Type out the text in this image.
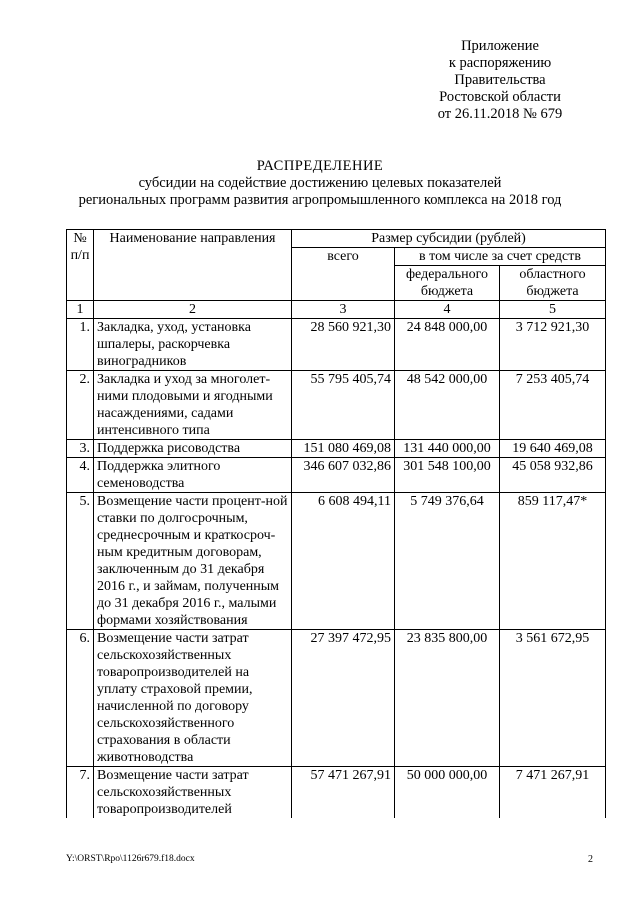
Приложение
к распоряжению
Правительства
Ростовской области
от 26.11.2018 № 679
РАСПРЕДЕЛЕНИЕ
субсидии на содействие достижению целевых показателей
региональных программ развития агропромышленного комплекса на 2018 год
№ п/п	Наименование направления	Размер субсидии (рублей)		
		всего	в том числе за счет средств	
			федерального бюджета	областного бюджета
1	2	3	4	5
1.	Закладка, уход, установка шпалеры, раскорчевка виноградников	28 560 921,30	24 848 000,00	3 712 921,30
2.	Закладка и уход за многолет-ними плодовыми и ягодными насаждениями, садами интенсивного типа	55 795 405,74	48 542 000,00	7 253 405,74
3.	Поддержка рисоводства	151 080 469,08	131 440 000,00	19 640 469,08
4.	Поддержка элитного семеноводства	346 607 032,86	301 548 100,00	45 058 932,86
5.	Возмещение части процент-ной ставки по долгосрочным, среднесрочным и краткосроч-ным кредитным договорам, заключенным до 31 декабря 2016 г., и займам, полученным до 31 декабря 2016 г., малыми формами хозяйствования	6 608 494,11	5 749 376,64	859 117,47*
6.	Возмещение части затрат сельскохозяйственных товаропроизводителей на уплату страховой премии, начисленной по договору сельскохозяйственного страхования в области животноводства	27 397 472,95	23 835 800,00	3 561 672,95
7.	Возмещение части затрат сельскохозяйственных товаропроизводителей	57 471 267,91	50 000 000,00	7 471 267,91
Y:\ORST\Rpo\1126r679.f18.docx	2
